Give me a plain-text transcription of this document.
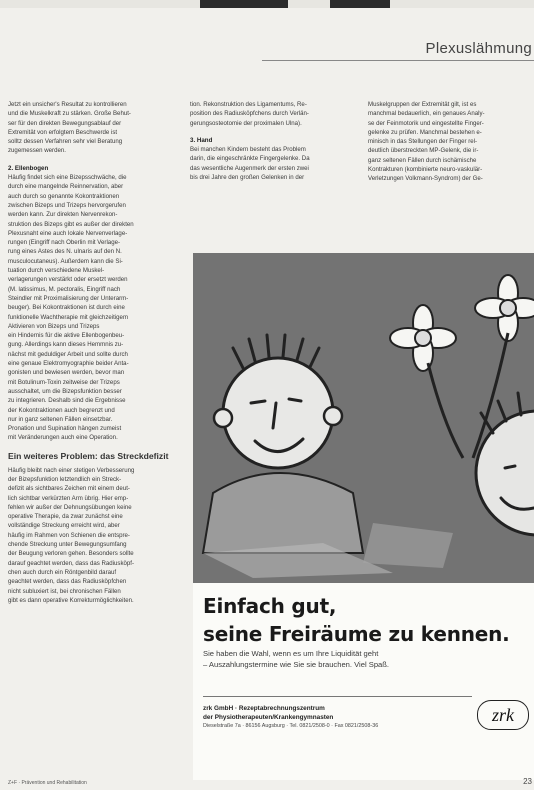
Plexuslähmung

Jetzt ein unsicher's Resultat zu kontrollieren
und die Muskelkraft zu stärken. Große Behut-
ser für den direkten Bewegungsablauf der
Extremität von erfolgtem Beschwerde ist
solltz dessen Verfahren sehr viel Beratung
zugemessen werden.

2. Ellenbogen

Häufig findet sich eine Bizepsschwäche, die
durch eine mangelnde Reinnervation, aber
auch durch so genannte Kokontraktionen
zwischen Bizeps und Trizeps hervorgerufen
werden kann. Zur direkten Nervenrekon-
struktion des Bizeps gibt es außer der direkten
Plexusnaht eine auch lokale Nervenverlage-
rungen (Eingriff nach Oberlin mit Verlage-
rung eines Astes des N. ulnaris auf den N.
musculocutaneus). Außerdem kann die Si-
tuation durch verschiedene Muskel-
verlagerungen verstärkt oder ersetzt werden
(M. latissimus, M. pectoralis, Eingriff nach
Steindler mit Proximalisierung der Unterarm-
beuger). Bei Kokontraktionen ist durch eine
funktionelle Wachtherapie mit gleichzeitigem
Aktivieren von Bizeps und Trizeps
ein Hindernis für die aktive Ellenbogenbeu-
gung. Allerdings kann dieses Hemmnis zu-
nächst mit geduldiger Arbeit und sollte durch
eine genaue Elektromyographie beider Anta-
gonisten und bewiesen werden, bevor man
mit Botulinum-Toxin zeitweise der Trizeps
ausschaltet, um die Bizepsfunktion besser
zu integrieren. Deshalb sind die Ergebnisse
der Kokontraktionen auch begrenzt und
nur in ganz seltenen Fällen einsetzbar.
Pronation und Supination hängen zumeist
mit Veränderungen auch eine Operation.

Ein weiteres Problem: das Streckdefizit

Häufig bleibt nach einer stetigen Verbesserung
der Bizepsfunktion letztendlich ein Streck-
defizit als sichtbares Zeichen mit einem deut-
lich sichtbar verkürzten Arm übrig. Hier emp-
fehlen wir außer der Dehnungsübungen keine
operative Therapie, da zwar zunächst eine
vollständige Streckung erreicht wird, aber
häufig im Rahmen von Schienen die entspre-
chende Streckung unter Bewegungsumfang
der Beugung verloren gehen. Besonders sollte
darauf geachtet werden, dass das Radiusköpf-
chen auch durch ein Röntgenbild darauf
geachtet werden, dass das Radiusköpfchen
nicht subluxiert ist, bei chronischen Fällen
gibt es dann operative Korrekturmöglichkeiten.

tion. Rekonstruktion des Ligamentums, Re-
position des Radiusköpfchens durch Verlän-
gerungsosteotomie der proximalen Ulna).

3. Hand

Bei manchen Kindern besteht das Problem
darin, die eingeschränkte Fingergelenke. Da
das wesentliche Augenmerk der ersten zwei
bis drei Jahre den großen Gelenken in der

Muskelgruppen der Extremität gilt, ist es
manchmal bedauerlich, ein genaues Analy-
se der Feinmotorik und eingestellte Finger-
gelenke zu prüfen. Manchmal bestehen e-
minisch in das Stellungen der Finger rel-
deutlich überstreckten MP-Gelenk, die ir-
ganz seltenen Fällen durch ischämische
Kontrakturen (kombinierte neuro-vaskulär-
Verletzungen Volkmann-Syndrom) der Ge-

Einfach gut,
seine Freiräume zu kennen.
Sie haben die Wahl, wenn es um Ihre Liquidität geht
– Auszahlungstermine wie Sie sie brauchen. Viel Spaß.
zrk GmbH · Rezeptabrechnungszentrum
der Physiotherapeuten/Krankengymnasten
Dieselstraße 7a · 86156 Augsburg · Tel. 0821/2508-0 · Fax 0821/2508-36
zrk
Z+F · Prävention und Rehabilitation	23
